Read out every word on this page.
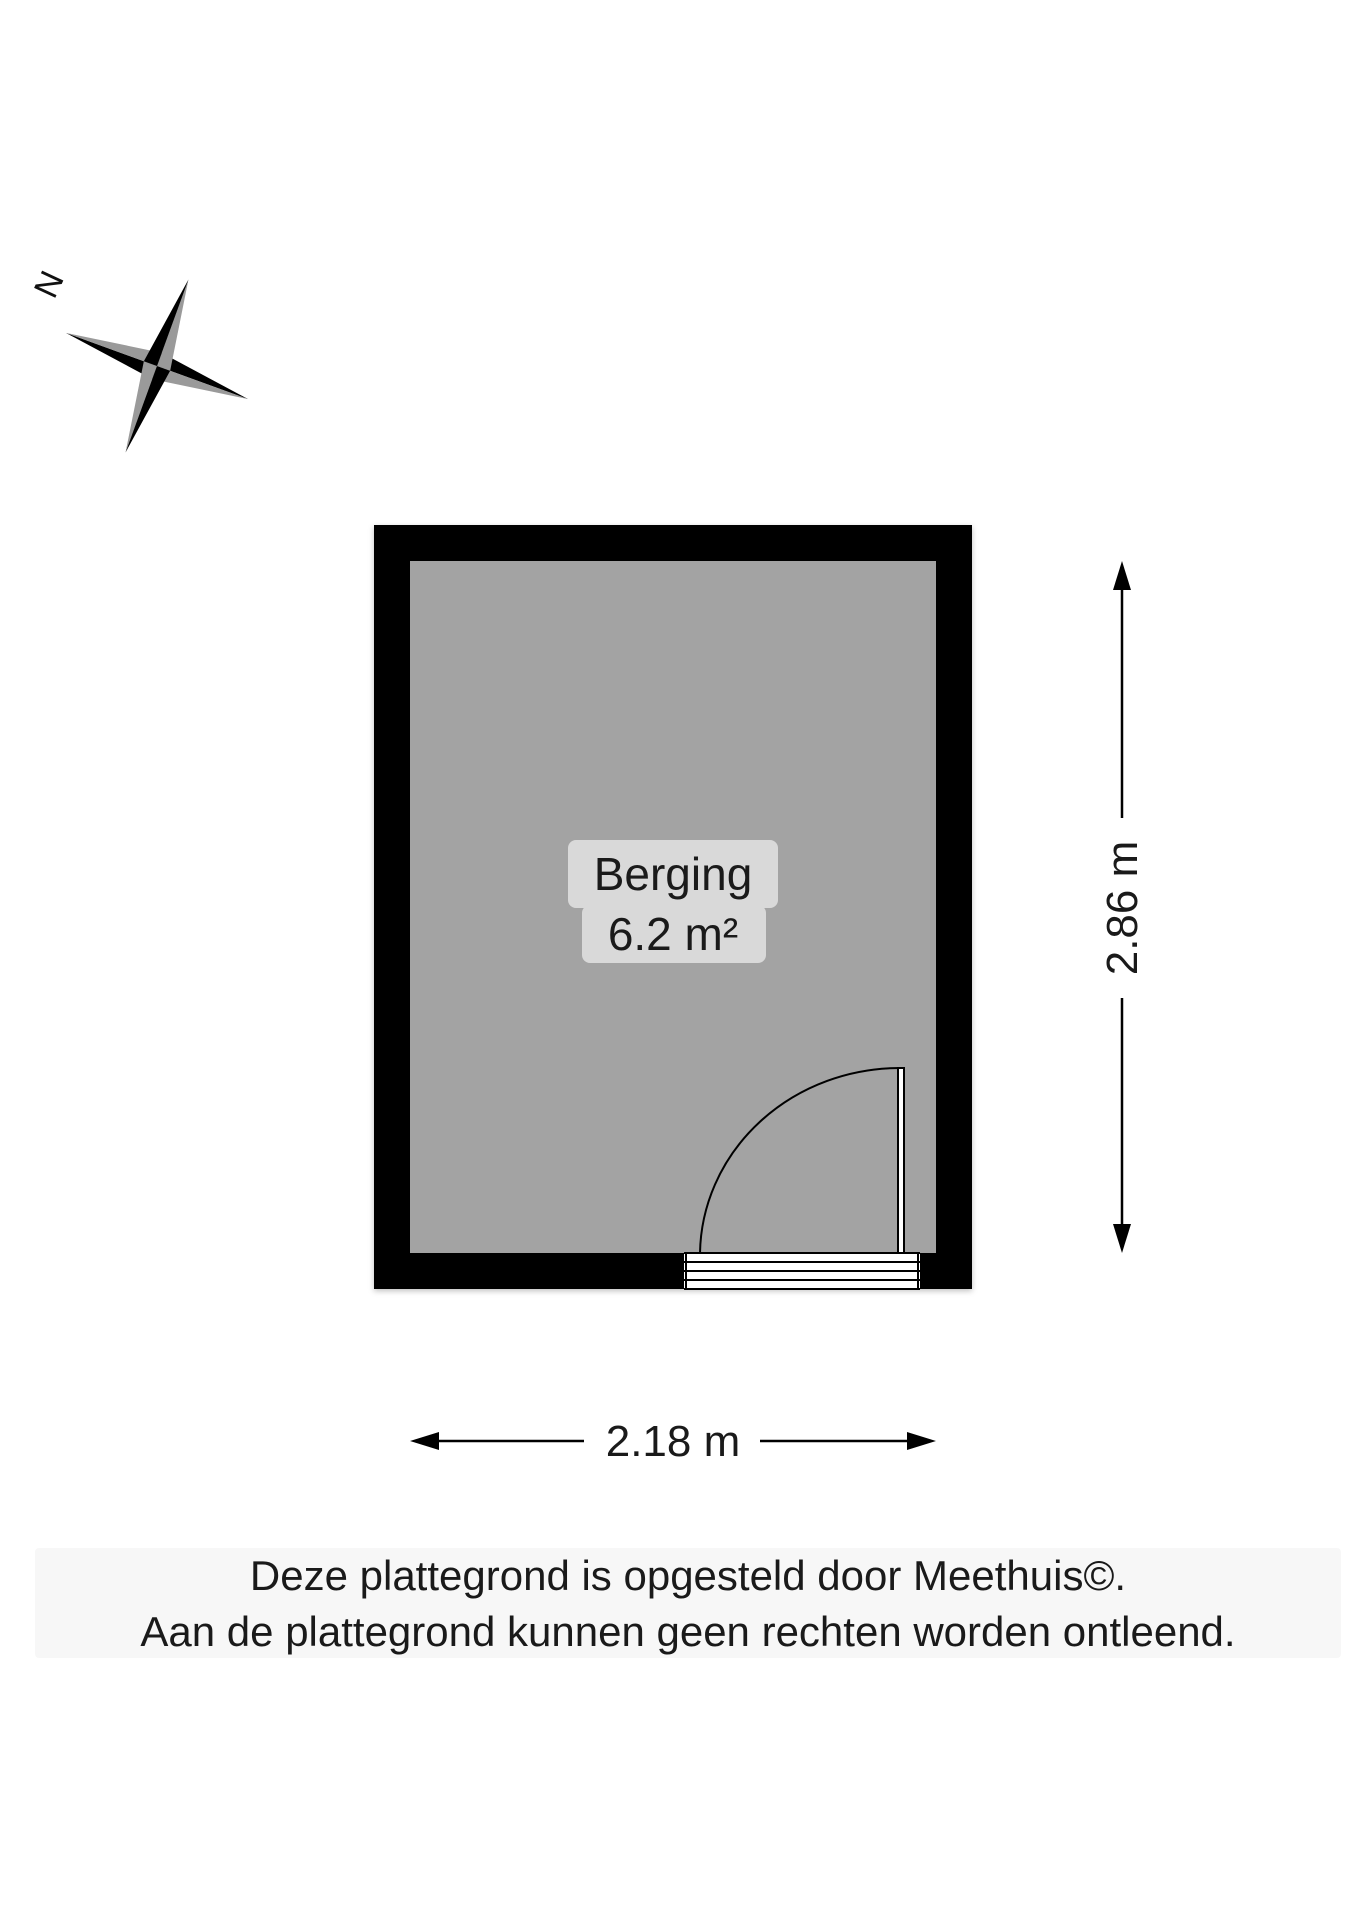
N
Berging
6.2 m²	2.86 m
2.18 m
Deze plattegrond is opgesteld door Meethuis©.
Aan de plattegrond kunnen geen rechten worden ontleend.
